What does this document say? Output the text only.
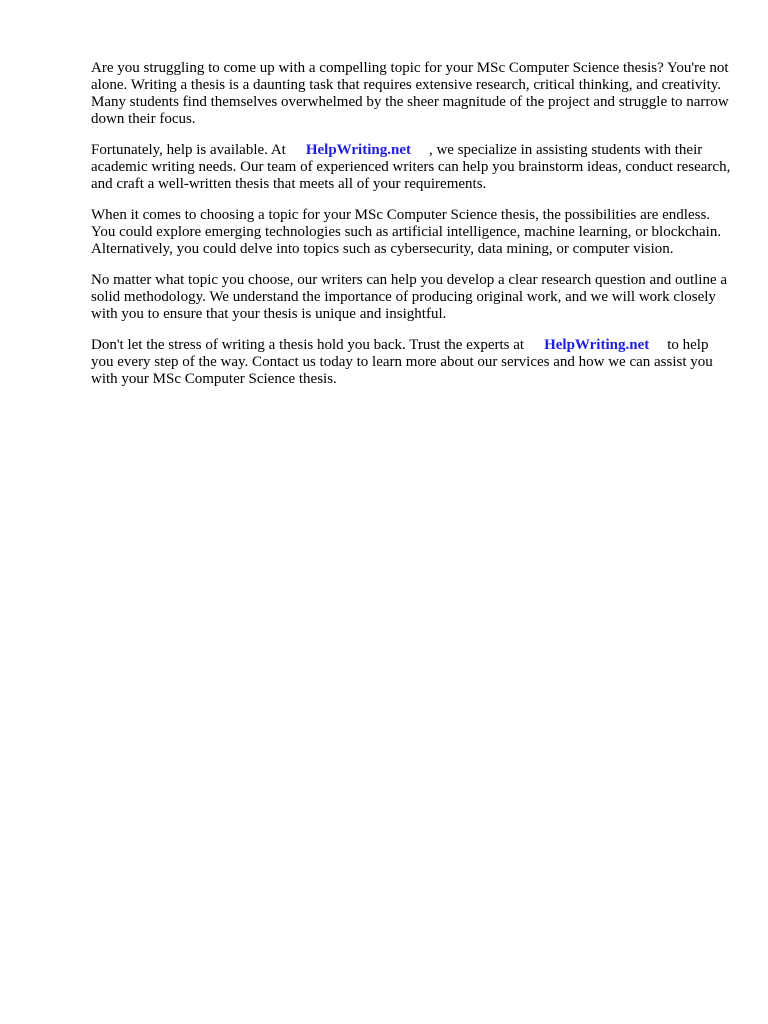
Are you struggling to come up with a compelling topic for your MSc Computer Science thesis? You're not alone. Writing a thesis is a daunting task that requires extensive research, critical thinking, and creativity. Many students find themselves overwhelmed by the sheer magnitude of the project and struggle to narrow down their focus.

Fortunately, help is available. At HelpWriting.net , we specialize in assisting students with their academic writing needs. Our team of experienced writers can help you brainstorm ideas, conduct research, and craft a well-written thesis that meets all of your requirements.

When it comes to choosing a topic for your MSc Computer Science thesis, the possibilities are endless. You could explore emerging technologies such as artificial intelligence, machine learning, or blockchain. Alternatively, you could delve into topics such as cybersecurity, data mining, or computer vision.

No matter what topic you choose, our writers can help you develop a clear research question and outline a solid methodology. We understand the importance of producing original work, and we will work closely with you to ensure that your thesis is unique and insightful.

Don't let the stress of writing a thesis hold you back. Trust the experts at HelpWriting.net to help you every step of the way. Contact us today to learn more about our services and how we can assist you with your MSc Computer Science thesis.
